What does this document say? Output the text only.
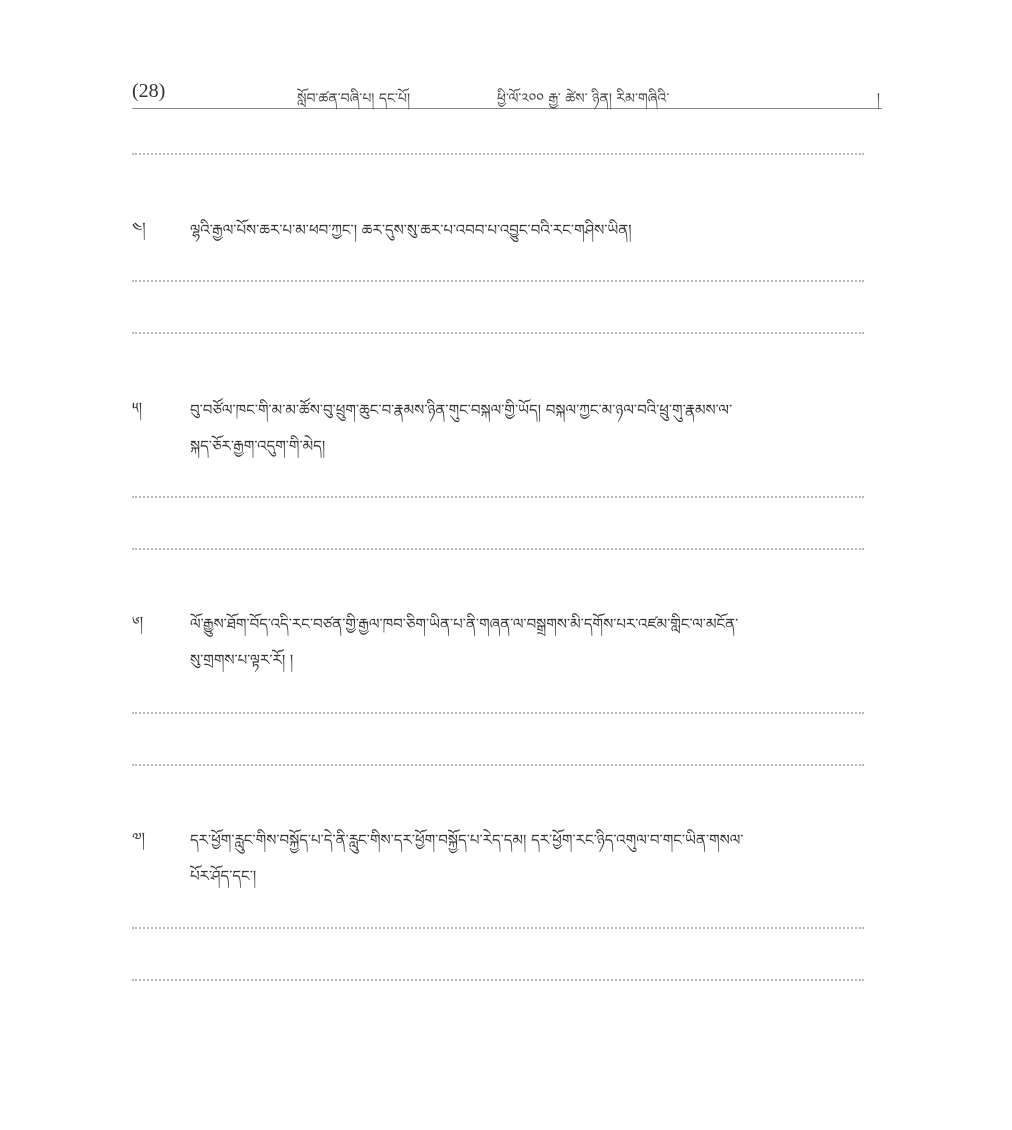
(28)	སློབ་ཚན་བཞི་པ། དང་པོ།	ཕྱི་ལོ་༢༠༠ རྒྱ་ ཚེས་ ཉིན། རིམ་གཞིའི་	།
༤།	ལྷའི་རྒྱལ་པོས་ཆར་པ་མ་ཕབ་ཀྱང་། ཆར་དུས་སུ་ཆར་པ་འབབ་པ་འབྱུང་བའི་རང་གཤིས་ཡིན།
༥།	བུ་བཙོལ་ཁང་གི་མ་མ་ཚོས་བུ་ཕྲུག་ཆུང་བ་རྣམས་ཉིན་གུང་བསྐལ་གྱི་ཡོད། བསྐལ་ཀྱང་མ་ཉལ་བའི་ཕྲུ་གུ་རྣམས་ལ་
སྐད་ཅོར་རྒྱག་འདུག་གི་མེད།
༦།	ལོ་རྒྱུས་ཐོག་བོད་འདི་རང་བཙན་གྱི་རྒྱལ་ཁབ་ཅིག་ཡིན་པ་ནི་གཞན་ལ་བསྒྲགས་མི་དགོས་པར་འཛམ་གླིང་ལ་མངོན་
སུ་གྲགས་པ་ལྟར་རོ། །
༧།	དར་ཕྱོག་རླུང་གིས་བསྐྱོད་པ་དེ་ནི་རླུང་གིས་དར་ཕྱོག་བསྐྱོད་པ་རེད་དམ། དར་ཕྱོག་རང་ཉིད་འགུལ་བ་གང་ཡིན་གསལ་
པོར་ཤོད་དང་།
